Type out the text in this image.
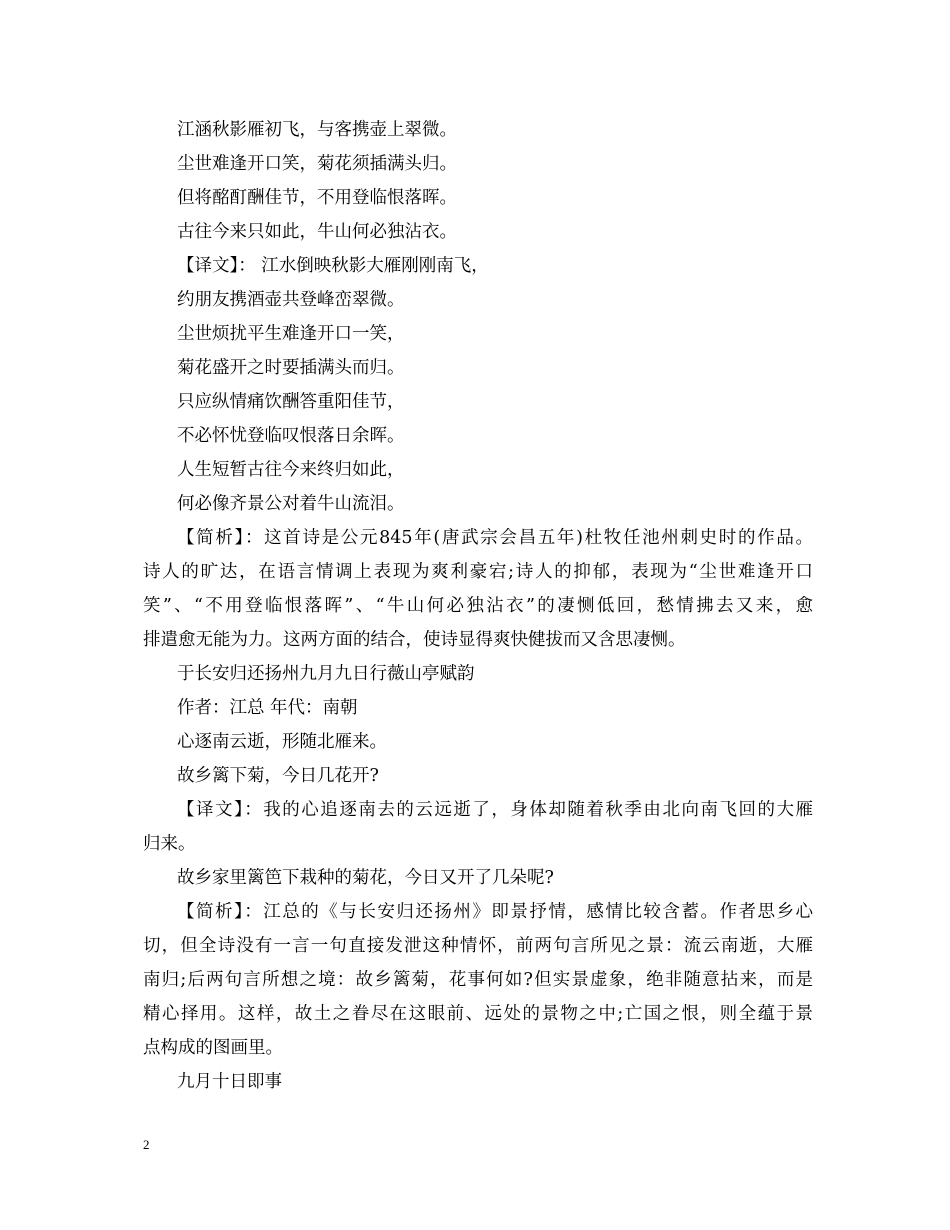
江涵秋影雁初飞，与客携壶上翠微。
尘世难逢开口笑，菊花须插满头归。
但将酩酊酬佳节，不用登临恨落晖。
古往今来只如此，牛山何必独沾衣。
【译文】： 江水倒映秋影大雁刚刚南飞，
约朋友携酒壶共登峰峦翠微。
尘世烦扰平生难逢开口一笑，
菊花盛开之时要插满头而归。
只应纵情痛饮酬答重阳佳节，
不必怀忧登临叹恨落日余晖。
人生短暂古往今来终归如此，
何必像齐景公对着牛山流泪。
【简析】：这首诗是公元845年(唐武宗会昌五年)杜牧任池州刺史时的作品。
诗人的旷达，在语言情调上表现为爽利豪宕;诗人的抑郁，表现为“尘世难逢开口
笑”、“不用登临恨落晖”、“牛山何必独沾衣”的凄恻低回，愁情拂去又来，愈
排遣愈无能为力。这两方面的结合，使诗显得爽快健拔而又含思凄恻。
于长安归还扬州九月九日行薇山亭赋韵
作者：江总 年代：南朝
心逐南云逝，形随北雁来。
故乡篱下菊，今日几花开?
【译文】：我的心追逐南去的云远逝了，身体却随着秋季由北向南飞回的大雁
归来。
故乡家里篱笆下栽种的菊花，今日又开了几朵呢?
【简析】：江总的《与长安归还扬州》即景抒情，感情比较含蓄。作者思乡心
切，但全诗没有一言一句直接发泄这种情怀，前两句言所见之景：流云南逝，大雁
南归;后两句言所想之境：故乡篱菊，花事何如?但实景虚象，绝非随意拈来，而是
精心择用。这样，故土之眷尽在这眼前、远处的景物之中;亡国之恨，则全蕴于景
点构成的图画里。
九月十日即事
2
